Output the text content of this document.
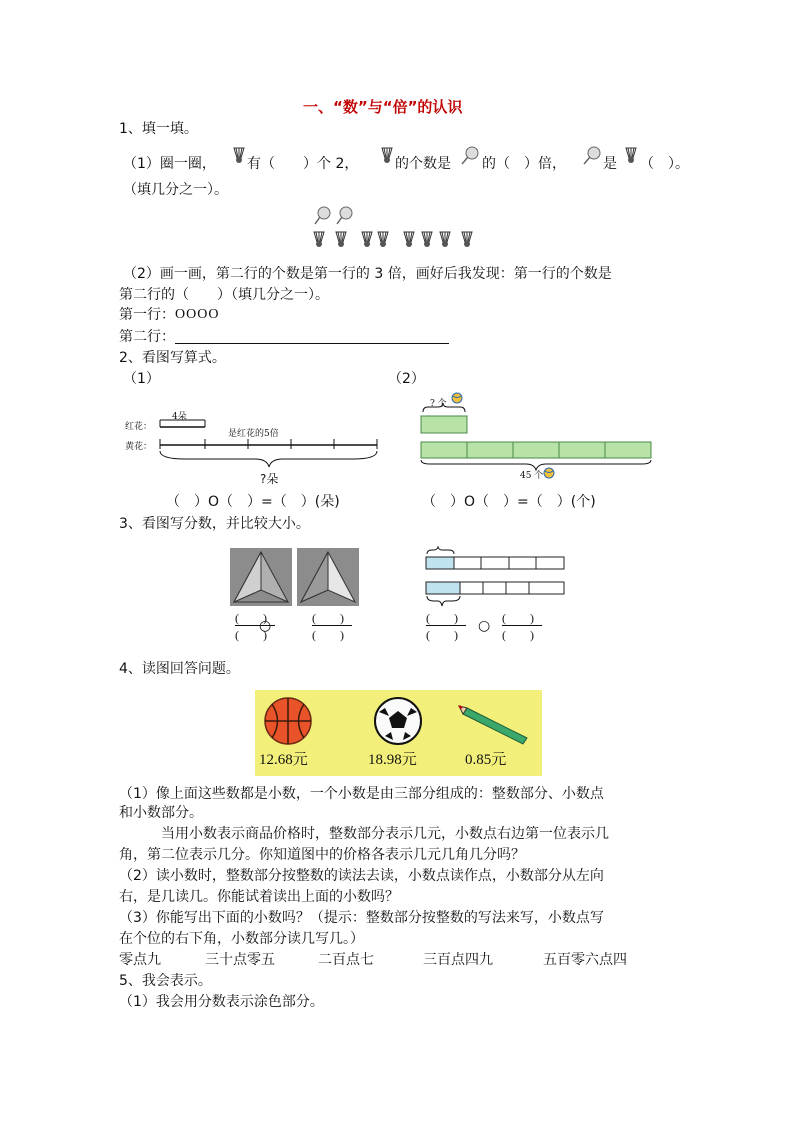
一、“数”与“倍”的认识
1、填一填。
（1）圈一圈， 有（　　）个 2，	的个数是 的（　）倍，	是 （　）。
（填几分之一）。
（2）画一画，第二行的个数是第一行的 3 倍，画好后我发现：第一行的个数是
第二行的（　　）（填几分之一）。
第一行： OOOO
第二行：
2、看图写算式。
（1）	（2）
红花：
黄花：
4朵
是红花的5倍
?朵
? 个
45 个
（　）O（　）=（　）(朵)	（　）O（　）=（　）(个)
3、看图写分数，并比较大小。
(　　)
(　　)
○	(　　)
(　　)
(　　)
(　　)
○ (　　)
(　　)
4、读图回答问题。
12.68元	18.98元	0.85元
（1）像上面这些数都是小数，一个小数是由三部分组成的：整数部分、小数点
和小数部分。
当用小数表示商品价格时，整数部分表示几元，小数点右边第一位表示几
角，第二位表示几分。你知道图中的价格各表示几元几角几分吗？
（2）读小数时，整数部分按整数的读法去读，小数点读作点，小数部分从左向
右，是几读几。你能试着读出上面的小数吗？
（3）你能写出下面的小数吗？（提示：整数部分按整数的写法来写，小数点写
在个位的右下角，小数部分读几写几。）
零点九	三十点零五	二百点七	三百点四九	五百零六点四
5、我会表示。
（1）我会用分数表示涂色部分。
